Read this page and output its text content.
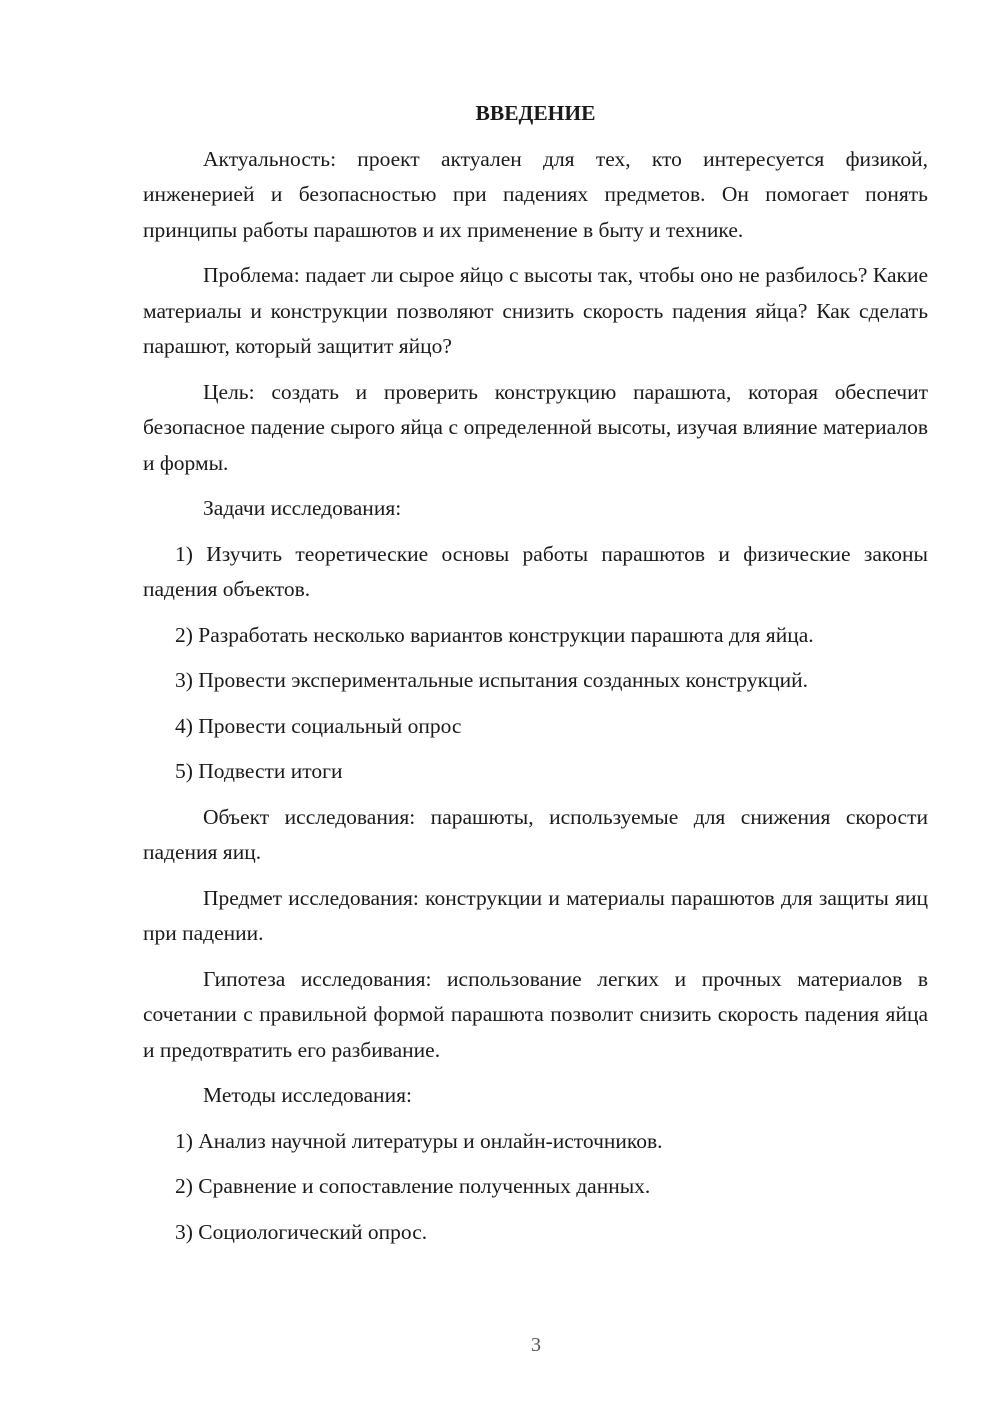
ВВЕДЕНИЕ

Актуальность: проект актуален для тех, кто интересуется физикой, инженерией и безопасностью при падениях предметов. Он помогает понять принципы работы парашютов и их применение в быту и технике.

Проблема: падает ли сырое яйцо с высоты так, чтобы оно не разбилось? Какие материалы и конструкции позволяют снизить скорость падения яйца? Как сделать парашют, который защитит яйцо?

Цель: создать и проверить конструкцию парашюта, которая обеспечит безопасное падение сырого яйца с определенной высоты, изучая влияние материалов и формы.

Задачи исследования:

1) Изучить теоретические основы работы парашютов и физические законы падения объектов.

2) Разработать несколько вариантов конструкции парашюта для яйца.

3) Провести экспериментальные испытания созданных конструкций.

4) Провести социальный опрос

5) Подвести итоги

Объект исследования: парашюты, используемые для снижения скорости падения яиц.

Предмет исследования: конструкции и материалы парашютов для защиты яиц при падении.

Гипотеза исследования: использование легких и прочных материалов в сочетании с правильной формой парашюта позволит снизить скорость падения яйца и предотвратить его разбивание.

Методы исследования:

1) Анализ научной литературы и онлайн-источников.

2) Сравнение и сопоставление полученных данных.

3) Социологический опрос.

3
